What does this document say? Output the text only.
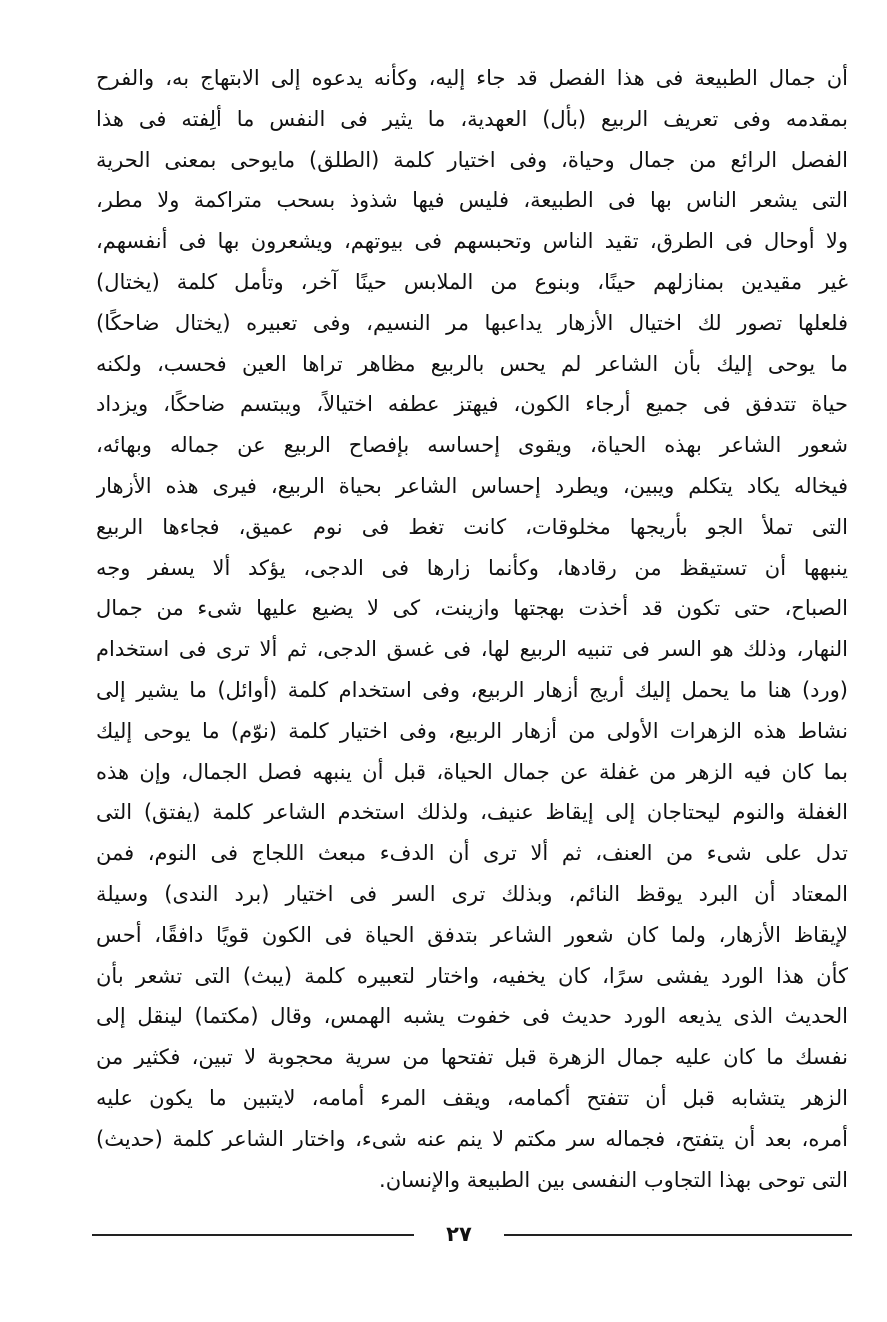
أن جمال الطبيعة فى هذا الفصل قد جاء إليه، وكأنه يدعوه إلى الابتهاج به، والفرح
بمقدمه وفى تعريف الربيع (بأل) العهدية، ما يثير فى النفس ما ألِفته فى هذا
الفصل الرائع من جمال وحياة، وفى اختيار كلمة (الطلق) مايوحى بمعنى الحرية
التى يشعر الناس بها فى الطبيعة، فليس فيها شذوذ بسحب متراكمة ولا مطر،
ولا أوحال فى الطرق، تقيد الناس وتحبسهم فى بيوتهم، ويشعرون بها فى أنفسهم،
غير مقيدين بمنازلهم حينًا، وبنوع من الملابس حينًا آخر، وتأمل كلمة (يختال)
فلعلها تصور لك اختيال الأزهار يداعبها مر النسيم، وفى تعبيره (يختال ضاحكًا)
ما يوحى إليك بأن الشاعر لم يحس بالربيع مظاهر تراها العين فحسب، ولكنه
حياة تتدفق فى جميع أرجاء الكون، فيهتز عطفه اختيالاً، ويبتسم ضاحكًا، ويزداد
شعور الشاعر بهذه الحياة، ويقوى إحساسه بإفصاح الربيع عن جماله وبهائه،
فيخاله يكاد يتكلم ويبين، ويطرد إحساس الشاعر بحياة الربيع، فيرى هذه الأزهار
التى تملأ الجو بأريجها مخلوقات، كانت تغط فى نوم عميق، فجاءها الربيع
ينبهها أن تستيقظ من رقادها، وكأنما زارها فى الدجى، يؤكد ألا يسفر وجه
الصباح، حتى تكون قد أخذت بهجتها وازينت، كى لا يضيع عليها شىء من جمال
النهار، وذلك هو السر فى تنبيه الربيع لها، فى غسق الدجى، ثم ألا ترى فى استخدام
(ورد) هنا ما يحمل إليك أريج أزهار الربيع، وفى استخدام كلمة (أوائل) ما يشير إلى
نشاط هذه الزهرات الأولى من أزهار الربيع، وفى اختيار كلمة (نوّم) ما يوحى إليك
بما كان فيه الزهر من غفلة عن جمال الحياة، قبل أن ينبهه فصل الجمال، وإن هذه
الغفلة والنوم ليحتاجان إلى إيقاظ عنيف، ولذلك استخدم الشاعر كلمة (يفتق) التى
تدل على شىء من العنف، ثم ألا ترى أن الدفء مبعث اللجاج فى النوم، فمن
المعتاد أن البرد يوقظ النائم، وبذلك ترى السر فى اختيار (برد الندى) وسيلة
لإيقاظ الأزهار، ولما كان شعور الشاعر بتدفق الحياة فى الكون قويًا دافقًا، أحس
كأن هذا الورد يفشى سرًا، كان يخفيه، واختار لتعبيره كلمة (يبث) التى تشعر بأن
الحديث الذى يذيعه الورد حديث فى خفوت يشبه الهمس، وقال (مكتما) لينقل إلى
نفسك ما كان عليه جمال الزهرة قبل تفتحها من سرية محجوبة لا تبين، فكثير من
الزهر يتشابه قبل أن تتفتح أكمامه، ويقف المرء أمامه، لايتبين ما يكون عليه
أمره، بعد أن يتفتح، فجماله سر مكتم لا ينم عنه شىء، واختار الشاعر كلمة (حديث)
التى توحى بهذا التجاوب النفسى بين الطبيعة والإنسان.
٢٧
